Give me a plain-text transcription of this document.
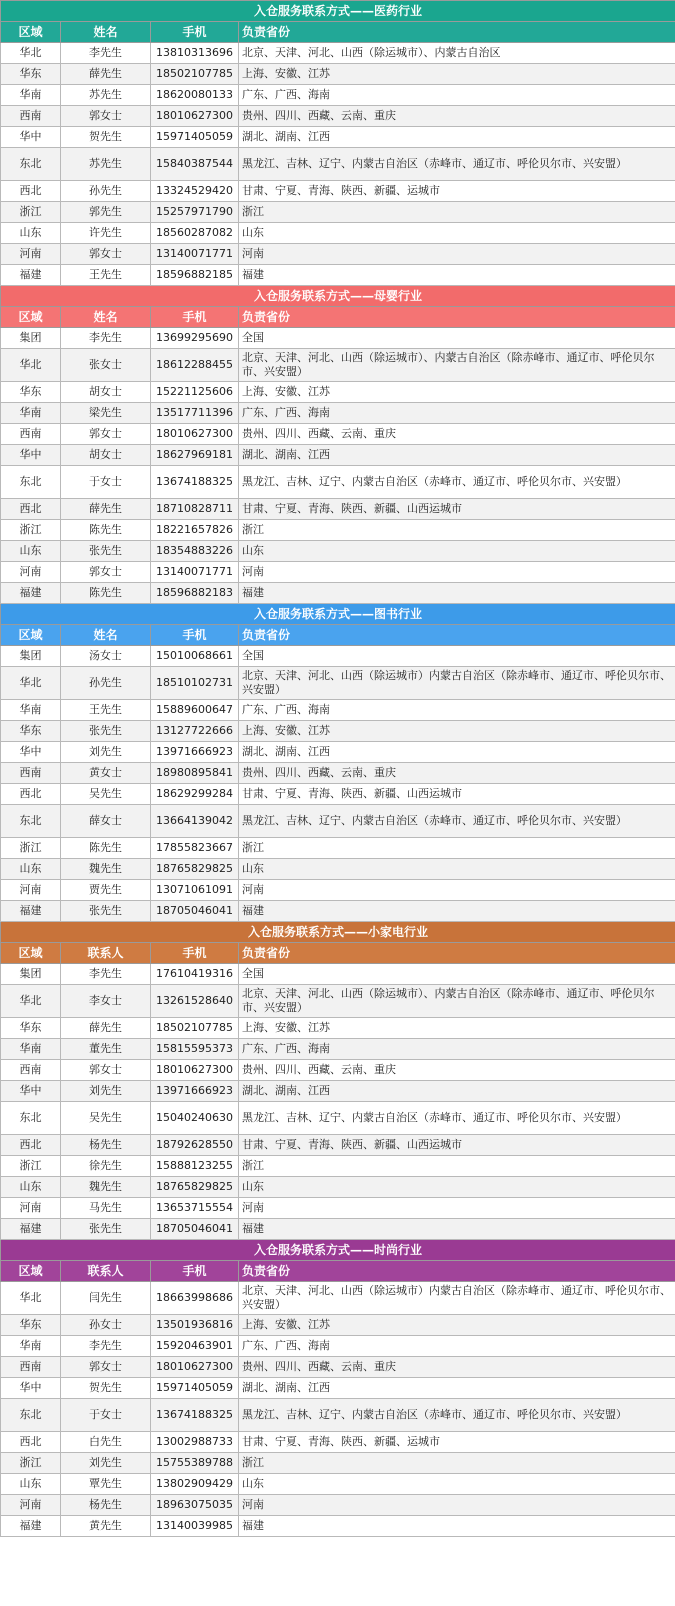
入仓服务联系方式——医药行业			
区域	姓名	手机	负责省份
华北	李先生	13810313696	北京、天津、河北、山西（除运城市）、内蒙古自治区
华东	薛先生	18502107785	上海、安徽、江苏
华南	苏先生	18620080133	广东、广西、海南
西南	郭女士	18010627300	贵州、四川、西藏、云南、重庆
华中	贺先生	15971405059	湖北、湖南、江西
东北	苏先生	15840387544	黑龙江、吉林、辽宁、内蒙古自治区（赤峰市、通辽市、呼伦贝尔市、兴安盟）
西北	孙先生	13324529420	甘肃、宁夏、青海、陕西、新疆、运城市
浙江	郭先生	15257971790	浙江
山东	许先生	18560287082	山东
河南	郭女士	13140071771	河南
福建	王先生	18596882185	福建
入仓服务联系方式——母婴行业			
区域	姓名	手机	负责省份
集团	李先生	13699295690	全国
华北	张女士	18612288455	北京、天津、河北、山西（除运城市）、内蒙古自治区（除赤峰市、通辽市、呼伦贝尔市、兴安盟）
华东	胡女士	15221125606	上海、安徽、江苏
华南	梁先生	13517711396	广东、广西、海南
西南	郭女士	18010627300	贵州、四川、西藏、云南、重庆
华中	胡女士	18627969181	湖北、湖南、江西
东北	于女士	13674188325	黑龙江、吉林、辽宁、内蒙古自治区（赤峰市、通辽市、呼伦贝尔市、兴安盟）
西北	薛先生	18710828711	甘肃、宁夏、青海、陕西、新疆、山西运城市
浙江	陈先生	18221657826	浙江
山东	张先生	18354883226	山东
河南	郭女士	13140071771	河南
福建	陈先生	18596882183	福建
入仓服务联系方式——图书行业			
区域	姓名	手机	负责省份
集团	汤女士	15010068661	全国
华北	孙先生	18510102731	北京、天津、河北、山西（除运城市）内蒙古自治区（除赤峰市、通辽市、呼伦贝尔市、兴安盟）
华南	王先生	15889600647	广东、广西、海南
华东	张先生	13127722666	上海、安徽、江苏
华中	刘先生	13971666923	湖北、湖南、江西
西南	黄女士	18980895841	贵州、四川、西藏、云南、重庆
西北	吴先生	18629299284	甘肃、宁夏、青海、陕西、新疆、山西运城市
东北	薛女士	13664139042	黑龙江、吉林、辽宁、内蒙古自治区（赤峰市、通辽市、呼伦贝尔市、兴安盟）
浙江	陈先生	17855823667	浙江
山东	魏先生	18765829825	山东
河南	贾先生	13071061091	河南
福建	张先生	18705046041	福建
入仓服务联系方式——小家电行业			
区域	联系人	手机	负责省份
集团	李先生	17610419316	全国
华北	李女士	13261528640	北京、天津、河北、山西（除运城市）、内蒙古自治区（除赤峰市、通辽市、呼伦贝尔市、兴安盟）
华东	薛先生	18502107785	上海、安徽、江苏
华南	董先生	15815595373	广东、广西、海南
西南	郭女士	18010627300	贵州、四川、西藏、云南、重庆
华中	刘先生	13971666923	湖北、湖南、江西
东北	吴先生	15040240630	黑龙江、吉林、辽宁、内蒙古自治区（赤峰市、通辽市、呼伦贝尔市、兴安盟）
西北	杨先生	18792628550	甘肃、宁夏、青海、陕西、新疆、山西运城市
浙江	徐先生	15888123255	浙江
山东	魏先生	18765829825	山东
河南	马先生	13653715554	河南
福建	张先生	18705046041	福建
入仓服务联系方式——时尚行业			
区域	联系人	手机	负责省份
华北	闫先生	18663998686	北京、天津、河北、山西（除运城市）内蒙古自治区（除赤峰市、通辽市、呼伦贝尔市、兴安盟）
华东	孙女士	13501936816	上海、安徽、江苏
华南	李先生	15920463901	广东、广西、海南
西南	郭女士	18010627300	贵州、四川、西藏、云南、重庆
华中	贺先生	15971405059	湖北、湖南、江西
东北	于女士	13674188325	黑龙江、吉林、辽宁、内蒙古自治区（赤峰市、通辽市、呼伦贝尔市、兴安盟）
西北	白先生	13002988733	甘肃、宁夏、青海、陕西、新疆、运城市
浙江	刘先生	15755389788	浙江
山东	覃先生	13802909429	山东
河南	杨先生	18963075035	河南
福建	黄先生	13140039985	福建
